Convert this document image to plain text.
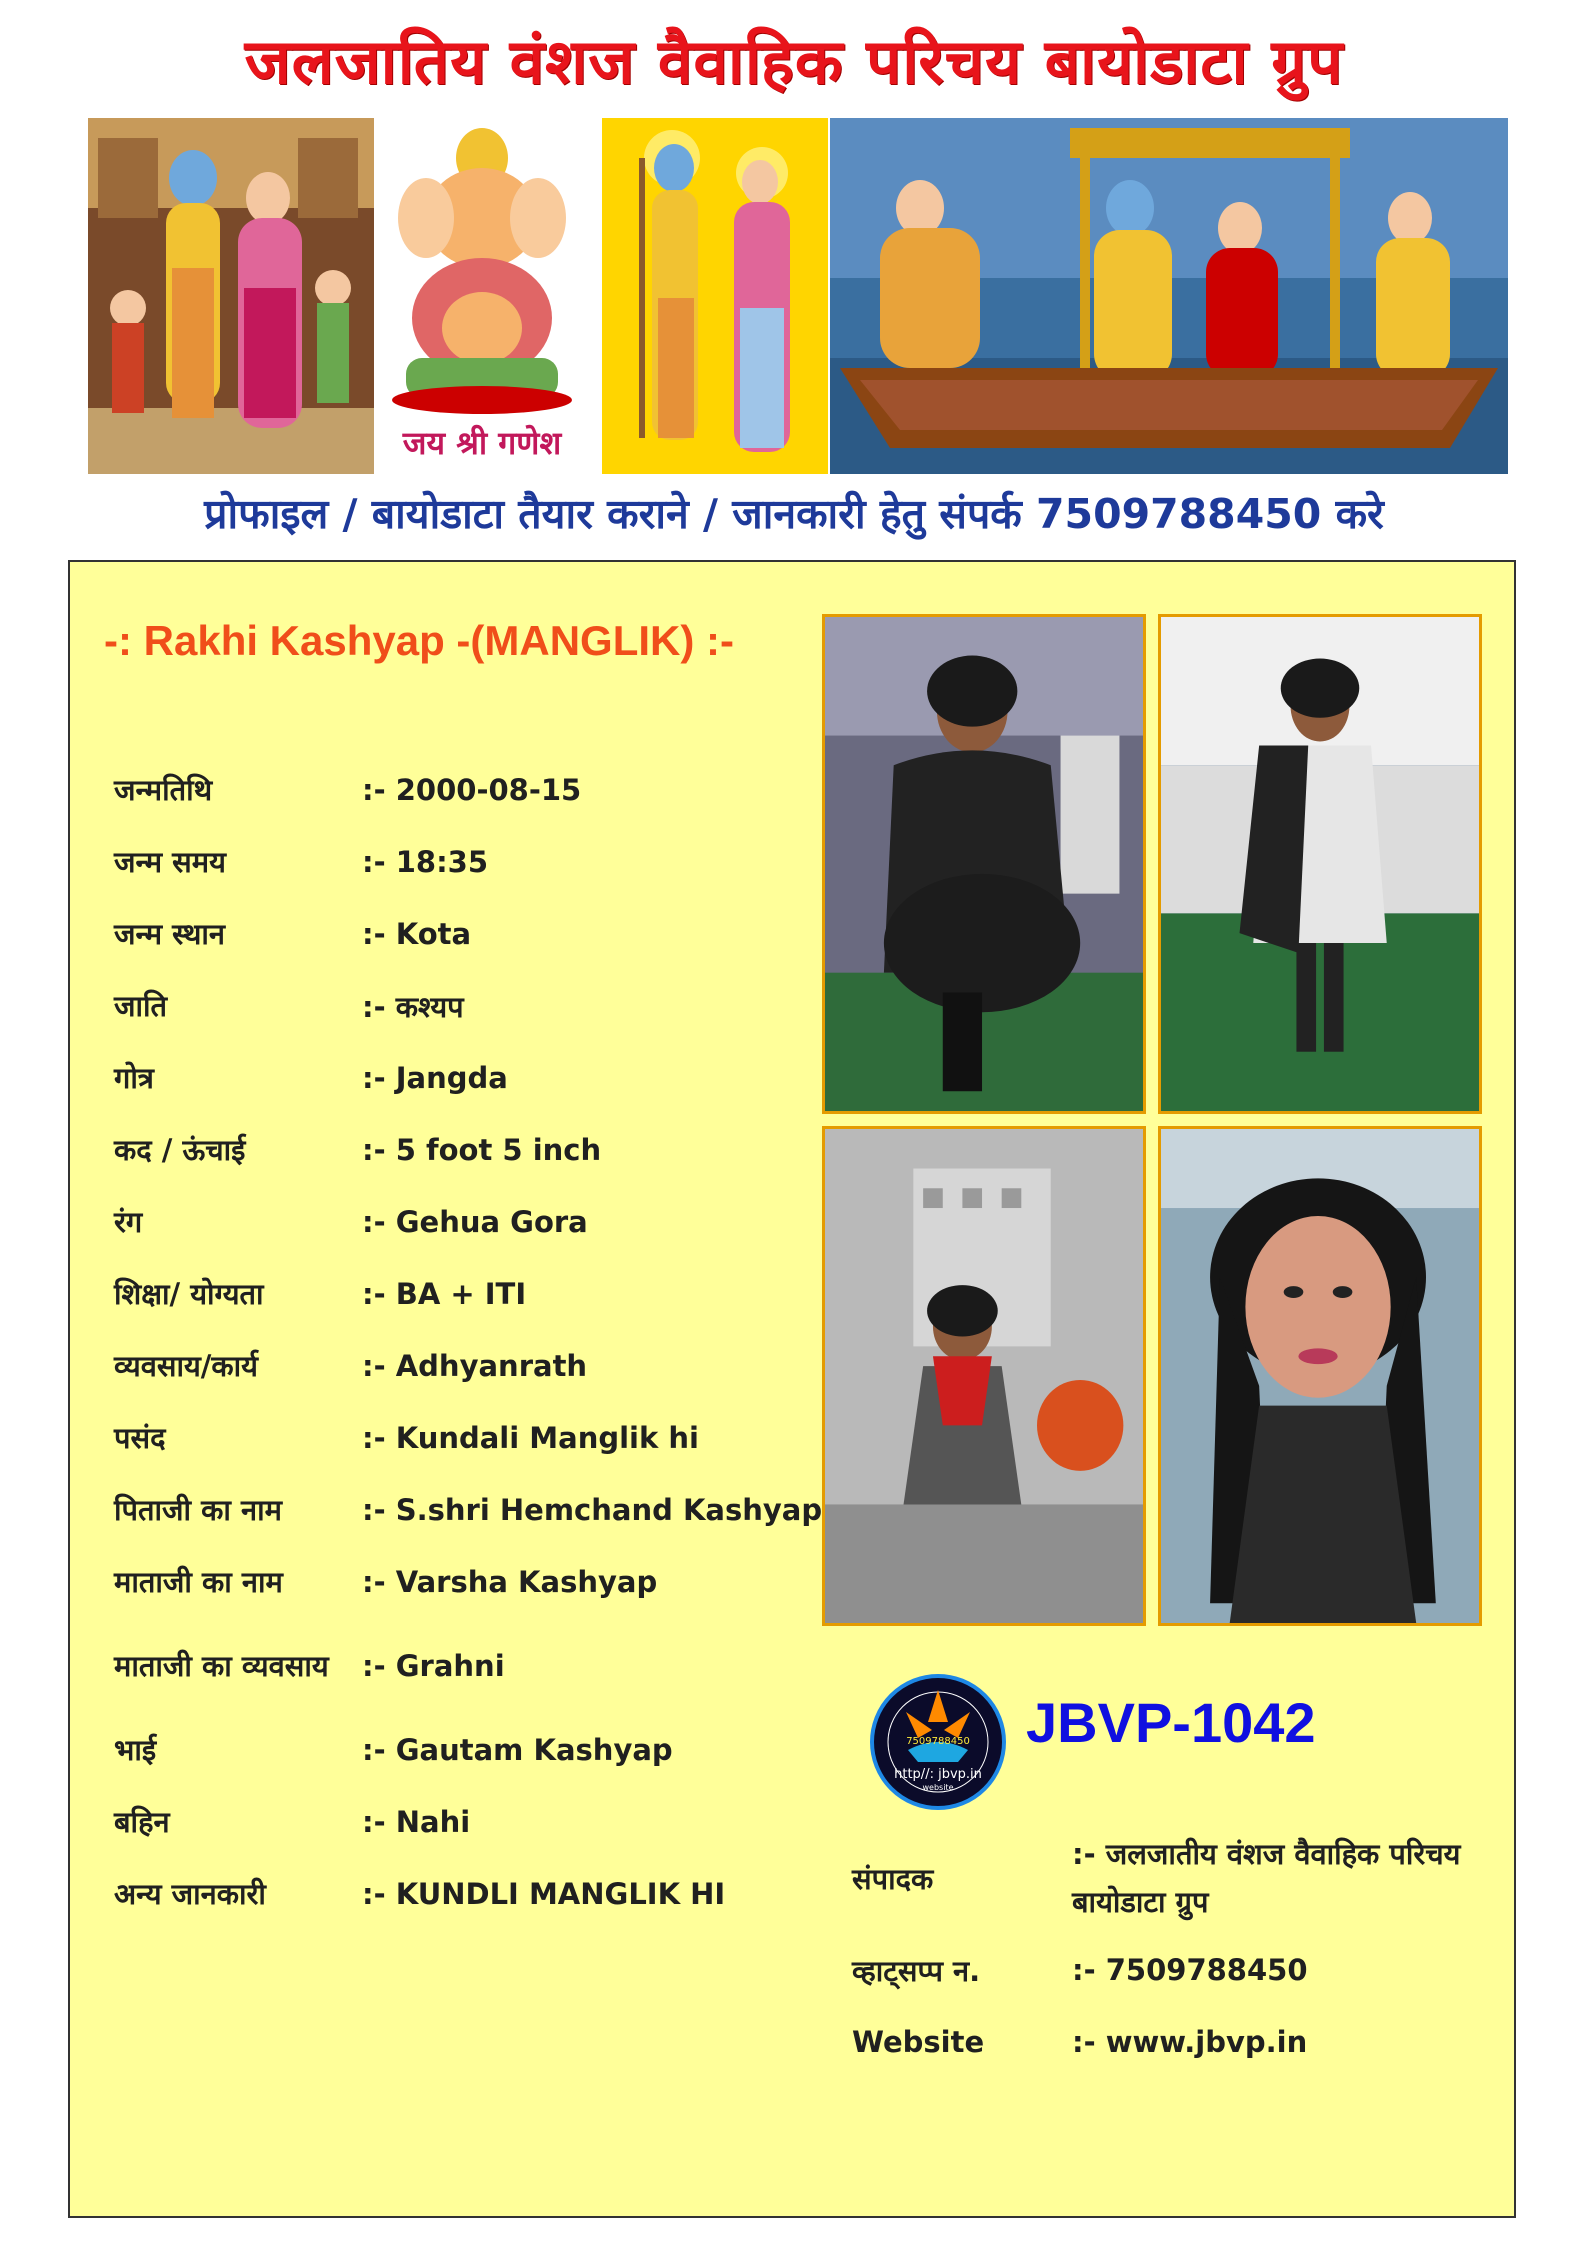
जलजातिय वंशज वैवाहिक परिचय बायोडाटा ग्रुप
जय श्री गणेश
प्रोफाइल / बायोडाटा तैयार कराने / जानकारी हेतु संपर्क 7509788450 करे
-: Rakhi Kashyap -(MANGLIK) :-
जन्मतिथि	:- 2000-08-15
जन्म समय	:- 18:35
जन्म स्थान	:- Kota
जाति	:- कश्यप
गोत्र	:- Jangda
कद / ऊंचाई	:- 5 foot 5 inch
रंग	:- Gehua Gora
शिक्षा/ योग्यता	:- BA + ITI
व्यवसाय/कार्य	:- Adhyanrath
पसंद	:- Kundali Manglik hi
पिताजी का नाम	:- S.shri Hemchand Kashyap
माताजी का नाम	:- Varsha Kashyap
माताजी का व्यवसाय	:- Grahni
भाई	:- Gautam Kashyap
बहिन	:- Nahi
अन्य जानकारी	:- KUNDLI MANGLIK HI
http//: jbvp.in
website
7509788450 JBVP-1042
संपादक
:- जलजातीय वंशज वैवाहिक परिचय बायोडाटा ग्रुप
व्हाट्सप्प न.	:- 7509788450
Website	:- www.jbvp.in
